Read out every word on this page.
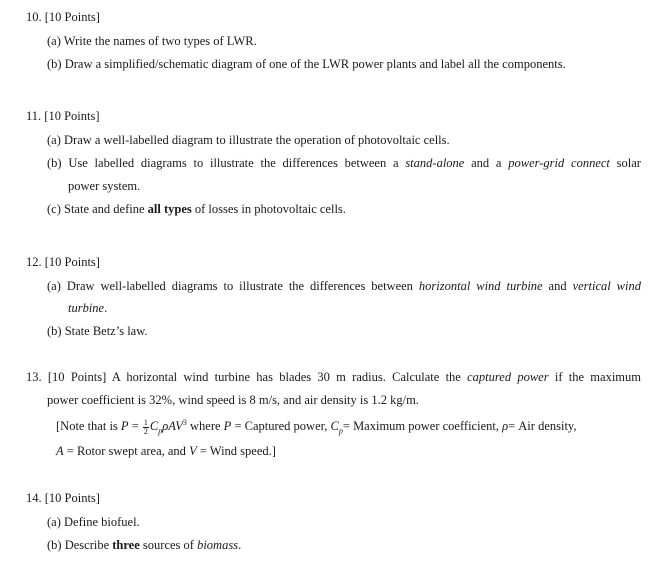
10. [10 Points]
(a) Write the names of two types of LWR.
(b) Draw a simplified/schematic diagram of one of the LWR power plants and label all the components.
11. [10 Points]
(a) Draw a well-labelled diagram to illustrate the operation of photovoltaic cells.
(b) Use labelled diagrams to illustrate the differences between a stand-alone and a power-grid connect solar
power system.
(c) State and define all types of losses in photovoltaic cells.
12. [10 Points]
(a) Draw well-labelled diagrams to illustrate the differences between horizontal wind turbine and vertical wind
turbine.
(b) State Betz’s law.
13. [10 Points] A horizontal wind turbine has blades 30 m radius. Calculate the captured power if the maximum
power coefficient is 32%, wind speed is 8 m/s, and air density is 1.2 kg/m.
[Note that is $P = \frac{1}{2} C_p\rho AV^3$ where P = Captured power, $C_p=$ Maximum power coefficient, ρ= Air density,
A = Rotor swept area, and V = Wind speed.]
14. [10 Points]
(a) Define biofuel.
(b) Describe three sources of biomass.
